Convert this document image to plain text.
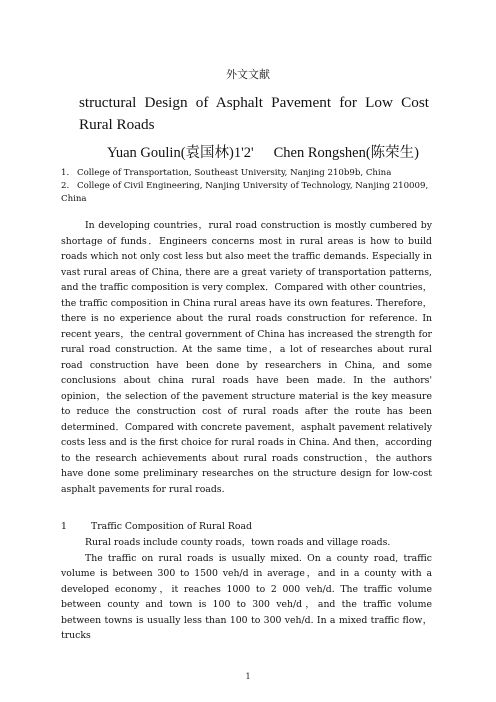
外文文献
structural Design of Asphalt Pavement for Low Cost Rural Roads
Yuan Goulin(袁国林)1'2' Chen Rongshen(陈荣生)
1. College of Transportation, Southeast University, Nanjing 210b9b, China
2. College of Civil Engineering, Nanjing University of Technology, Nanjing 210009, China

In developing countries，rural road construction is mostly cumbered by shortage of funds．Engineers concerns most in rural areas is how to build roads which not only cost less but also meet the traffic demands. Especially in vast rural areas of China, there are a great variety of transportation patterns, and the traffic composition is very complex．Compared with other countries，the traffic composition in China rural areas have its own features. Therefore，there is no experience about the rural roads construction for reference. In recent years，the central government of China has increased the strength for rural road construction. At the same time，a lot of researches about rural road construction have been done by researchers in China, and some conclusions about china rural roads have been made. In the authors' opinion，the selection of the pavement structure material is the key measure to reduce the construction cost of rural roads after the route has been determined．Compared with concrete pavement，asphalt pavement relatively costs less and is the first choice for rural roads in China. And then，according to the research achievements about rural roads construction，the authors have done some preliminary researches on the structure design for low-cost asphalt pavements for rural roads.

1	Traffic Composition of Rural Road

Rural roads include county roads，town roads and village roads.

The traffic on rural roads is usually mixed. On a county road, traffic volume is between 300 to 1500 veh/d in average，and in a county with a developed economy，it reaches 1000 to 2 000 veh/d. The traffic volume between county and town is 100 to 300 veh/d，and the traffic volume between towns is usually less than 100 to 300 veh/d. In a mixed traffic flow，trucks

1
